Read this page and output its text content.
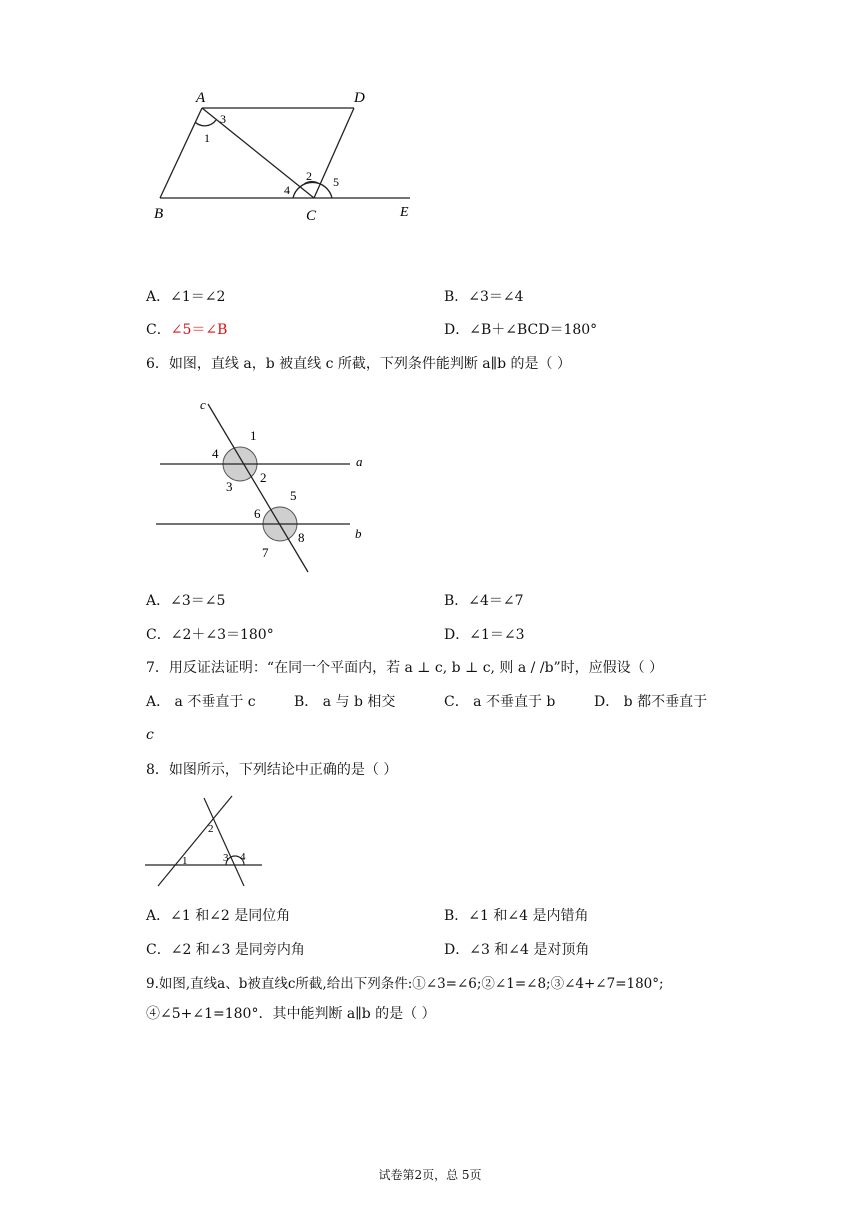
A	D
B	C	E
1
3
2
4
5
A．∠1＝∠2	B．∠3＝∠4
C．∠5＝∠B	D．∠B＋∠BCD＝180°
6．如图，直线 a，b 被直线 c 所截，下列条件能判断 a∥b 的是（ ）
c
a
b
1
2
3
4
5
6
7
8
A．∠3＝∠5	B．∠4＝∠7
C．∠2＋∠3＝180°	D．∠1＝∠3
7．用反证法证明：“在同一个平面内，若 a ⊥ c, b ⊥ c, 则 a / /b”时，应假设（ ）
A． a 不垂直于 c	B． a 与 b 相交	C． a 不垂直于 b	D． b 都不垂直于
c
8．如图所示，下列结论中正确的是（ ）
1
2
3 4
A．∠1 和∠2 是同位角	B．∠1 和∠4 是内错角
C．∠2 和∠3 是同旁内角	D．∠3 和∠4 是对顶角
9.如图,直线a、b被直线c所截,给出下列条件:①∠3=∠6;②∠1=∠8;③∠4+∠7=180°;
④∠5+∠1=180°．其中能判断 a∥b 的是（ ）
试卷第2页，总 5页
